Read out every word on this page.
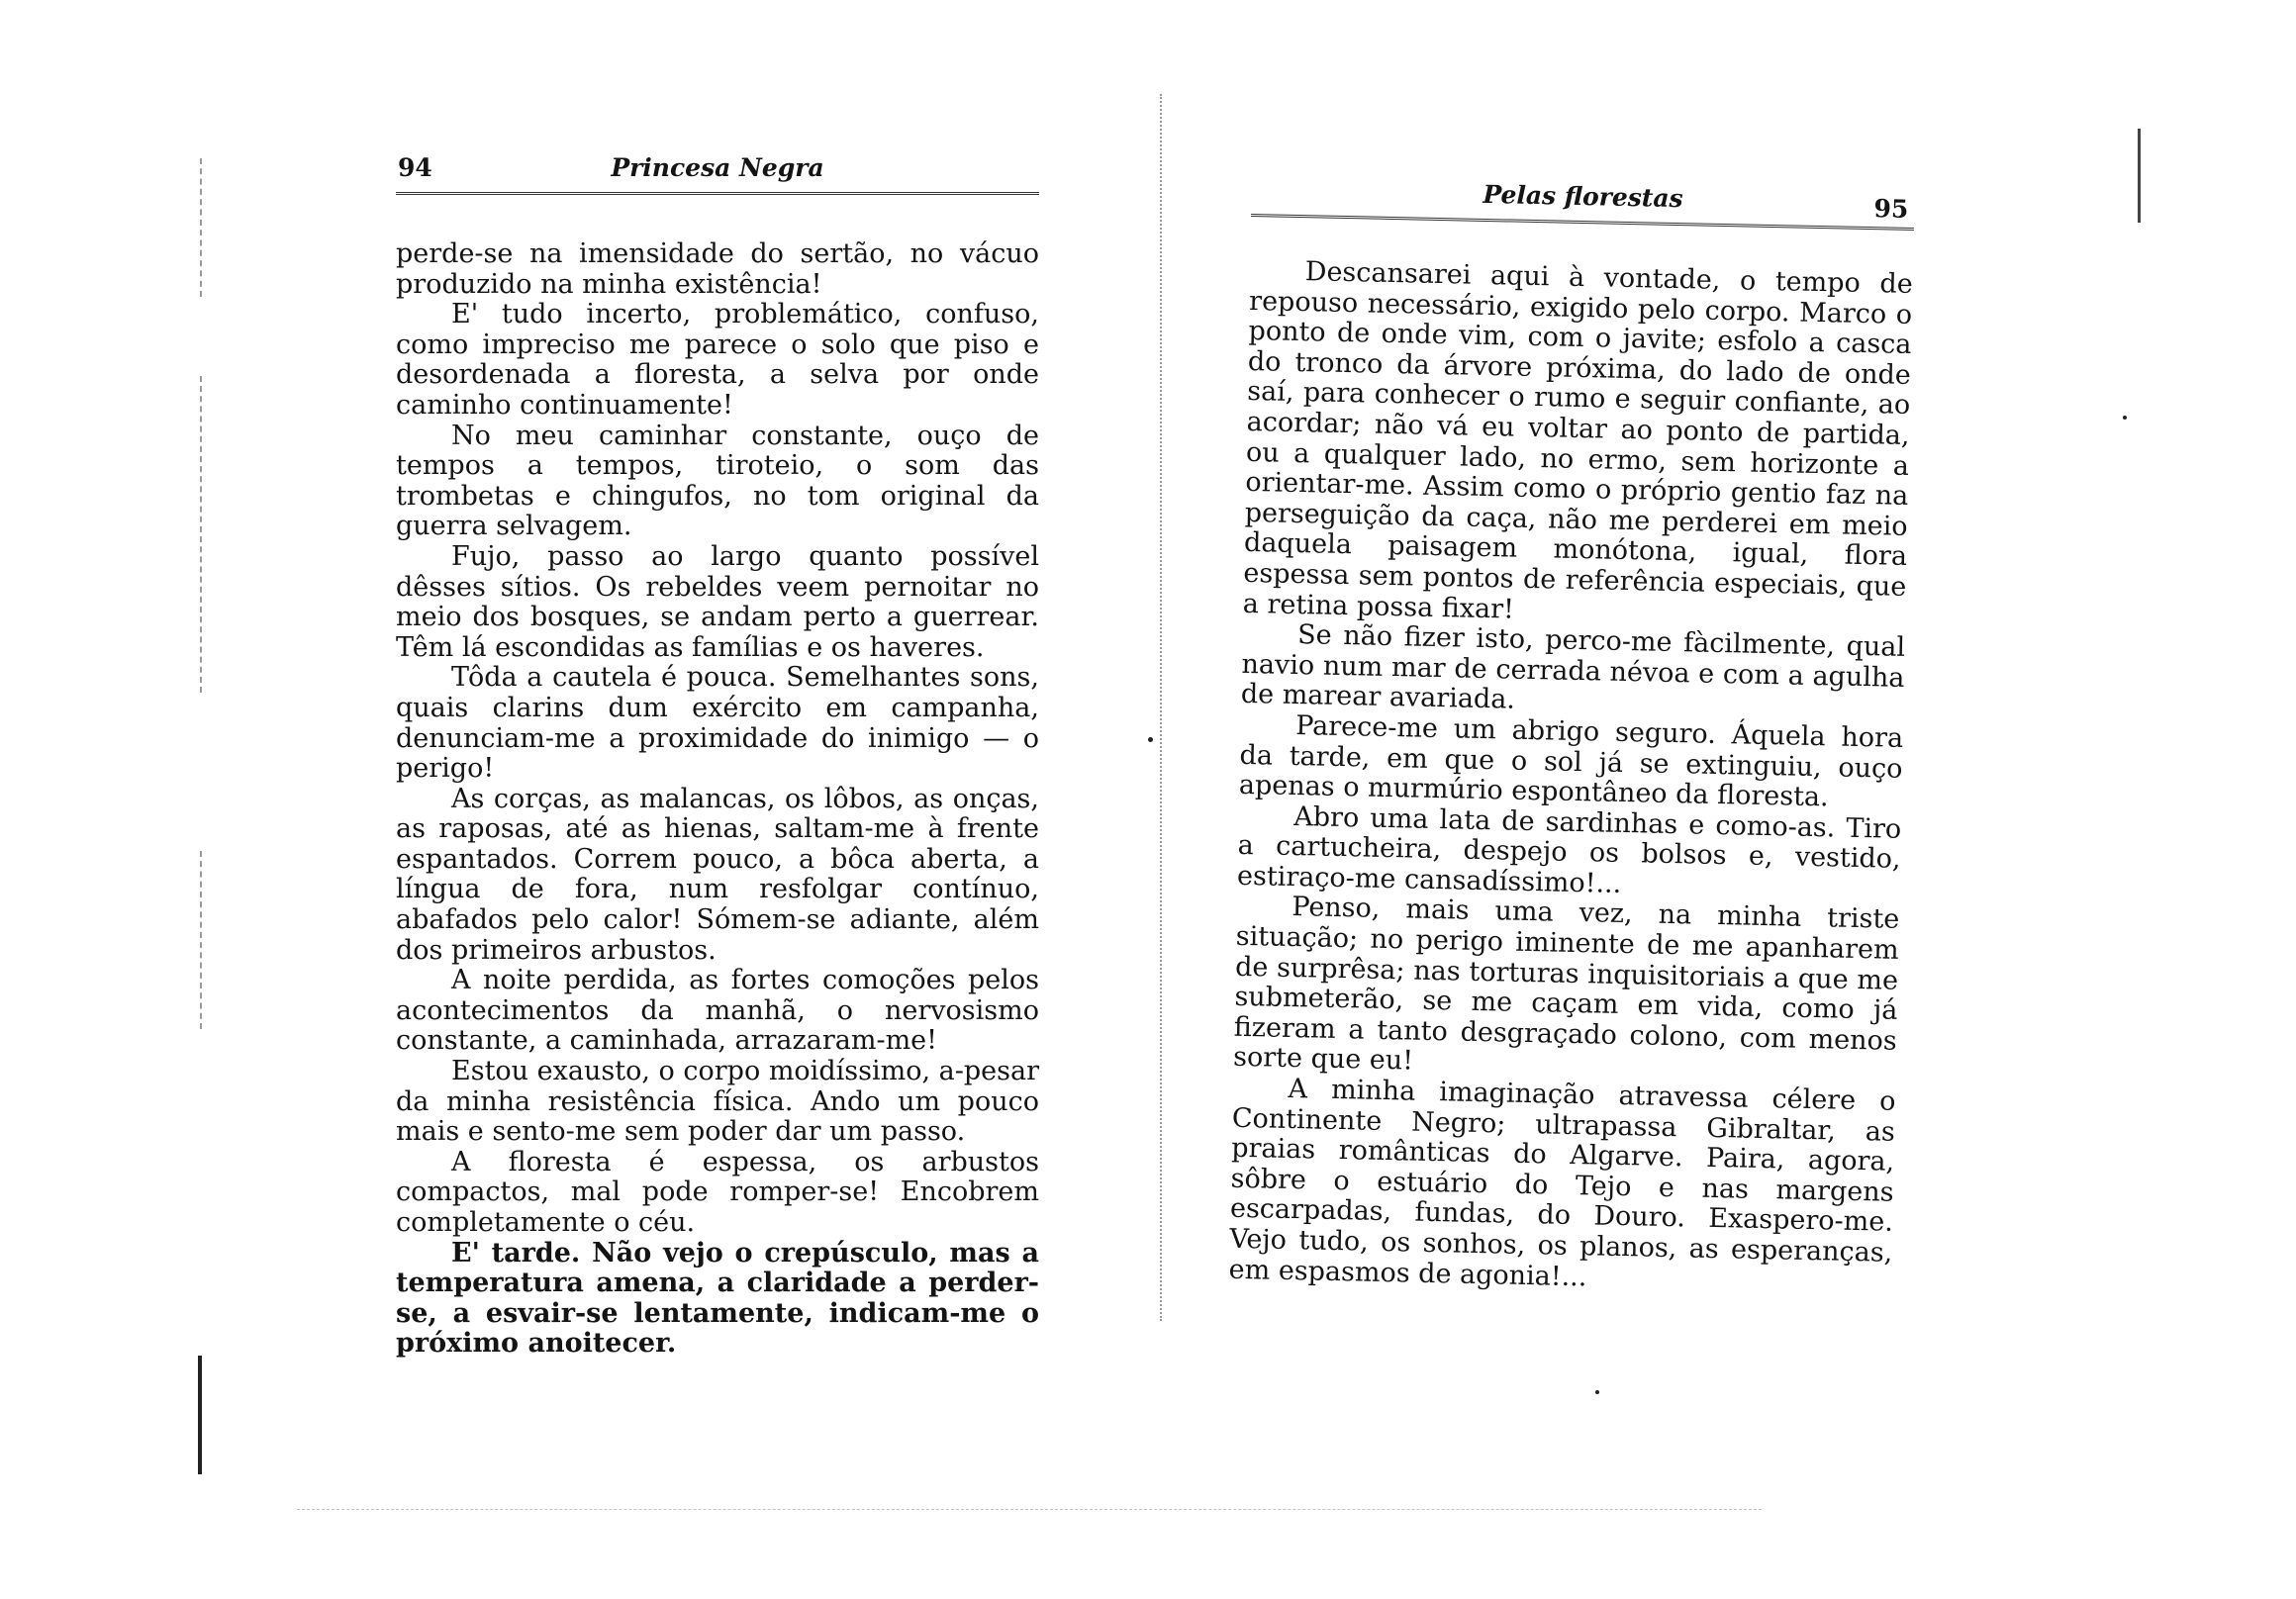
94	Princesa Negra

perde-se na imensidade do sertão, no vácuo produzido na minha existência!

E' tudo incerto, problemático, confuso, como impreciso me parece o solo que piso e desordenada a floresta, a selva por onde caminho continuamente!

No meu caminhar constante, ouço de tempos a tempos, tiroteio, o som das trombetas e chingufos, no tom original da guerra selvagem.

Fujo, passo ao largo quanto possível dêsses sítios. Os rebeldes veem pernoitar no meio dos bosques, se andam perto a guerrear. Têm lá escondidas as famílias e os haveres.

Tôda a cautela é pouca. Semelhantes sons, quais clarins dum exército em campanha, denunciam-me a proximidade do inimigo — o perigo!

As corças, as malancas, os lôbos, as onças, as raposas, até as hienas, saltam-me à frente espantados. Correm pouco, a bôca aberta, a língua de fora, num resfolgar contínuo, abafados pelo calor! Sómem-se adiante, além dos primeiros arbustos.

A noite perdida, as fortes comoções pelos acontecimentos da manhã, o nervosismo constante, a caminhada, arrazaram-me!

Estou exausto, o corpo moidíssimo, a-pesar da minha resistência física. Ando um pouco mais e sento-me sem poder dar um passo.

A floresta é espessa, os arbustos compactos, mal pode romper-se! Encobrem completamente o céu.

E' tarde. Não vejo o crepúsculo, mas a temperatura amena, a claridade a perder-se, a esvair-se lentamente, indicam-me o próximo anoitecer.

Pelas florestas	95

Descansarei aqui à vontade, o tempo de repouso necessário, exigido pelo corpo. Marco o ponto de onde vim, com o javite; esfolo a casca do tronco da árvore próxima, do lado de onde saí, para conhecer o rumo e seguir confiante, ao acordar; não vá eu voltar ao ponto de partida, ou a qualquer lado, no ermo, sem horizonte a orientar-me. Assim como o próprio gentio faz na perseguição da caça, não me perderei em meio daquela paisagem monótona, igual, flora espessa sem pontos de referência especiais, que a retina possa fixar!

Se não fizer isto, perco-me fàcilmente, qual navio num mar de cerrada névoa e com a agulha de marear avariada.

Parece-me um abrigo seguro. Áquela hora da tarde, em que o sol já se extinguiu, ouço apenas o murmúrio espontâneo da floresta.

Abro uma lata de sardinhas e como-as. Tiro a cartucheira, despejo os bolsos e, vestido, estiraço-me cansadíssimo!...

Penso, mais uma vez, na minha triste situação; no perigo iminente de me apanharem de surprêsa; nas torturas inquisitoriais a que me submeterão, se me caçam em vida, como já fizeram a tanto desgraçado colono, com menos sorte que eu!

A minha imaginação atravessa célere o Continente Negro; ultrapassa Gibraltar, as praias românticas do Algarve. Paira, agora, sôbre o estuário do Tejo e nas margens escarpadas, fundas, do Douro. Exaspero-me. Vejo tudo, os sonhos, os planos, as esperanças, em espasmos de agonia!...
